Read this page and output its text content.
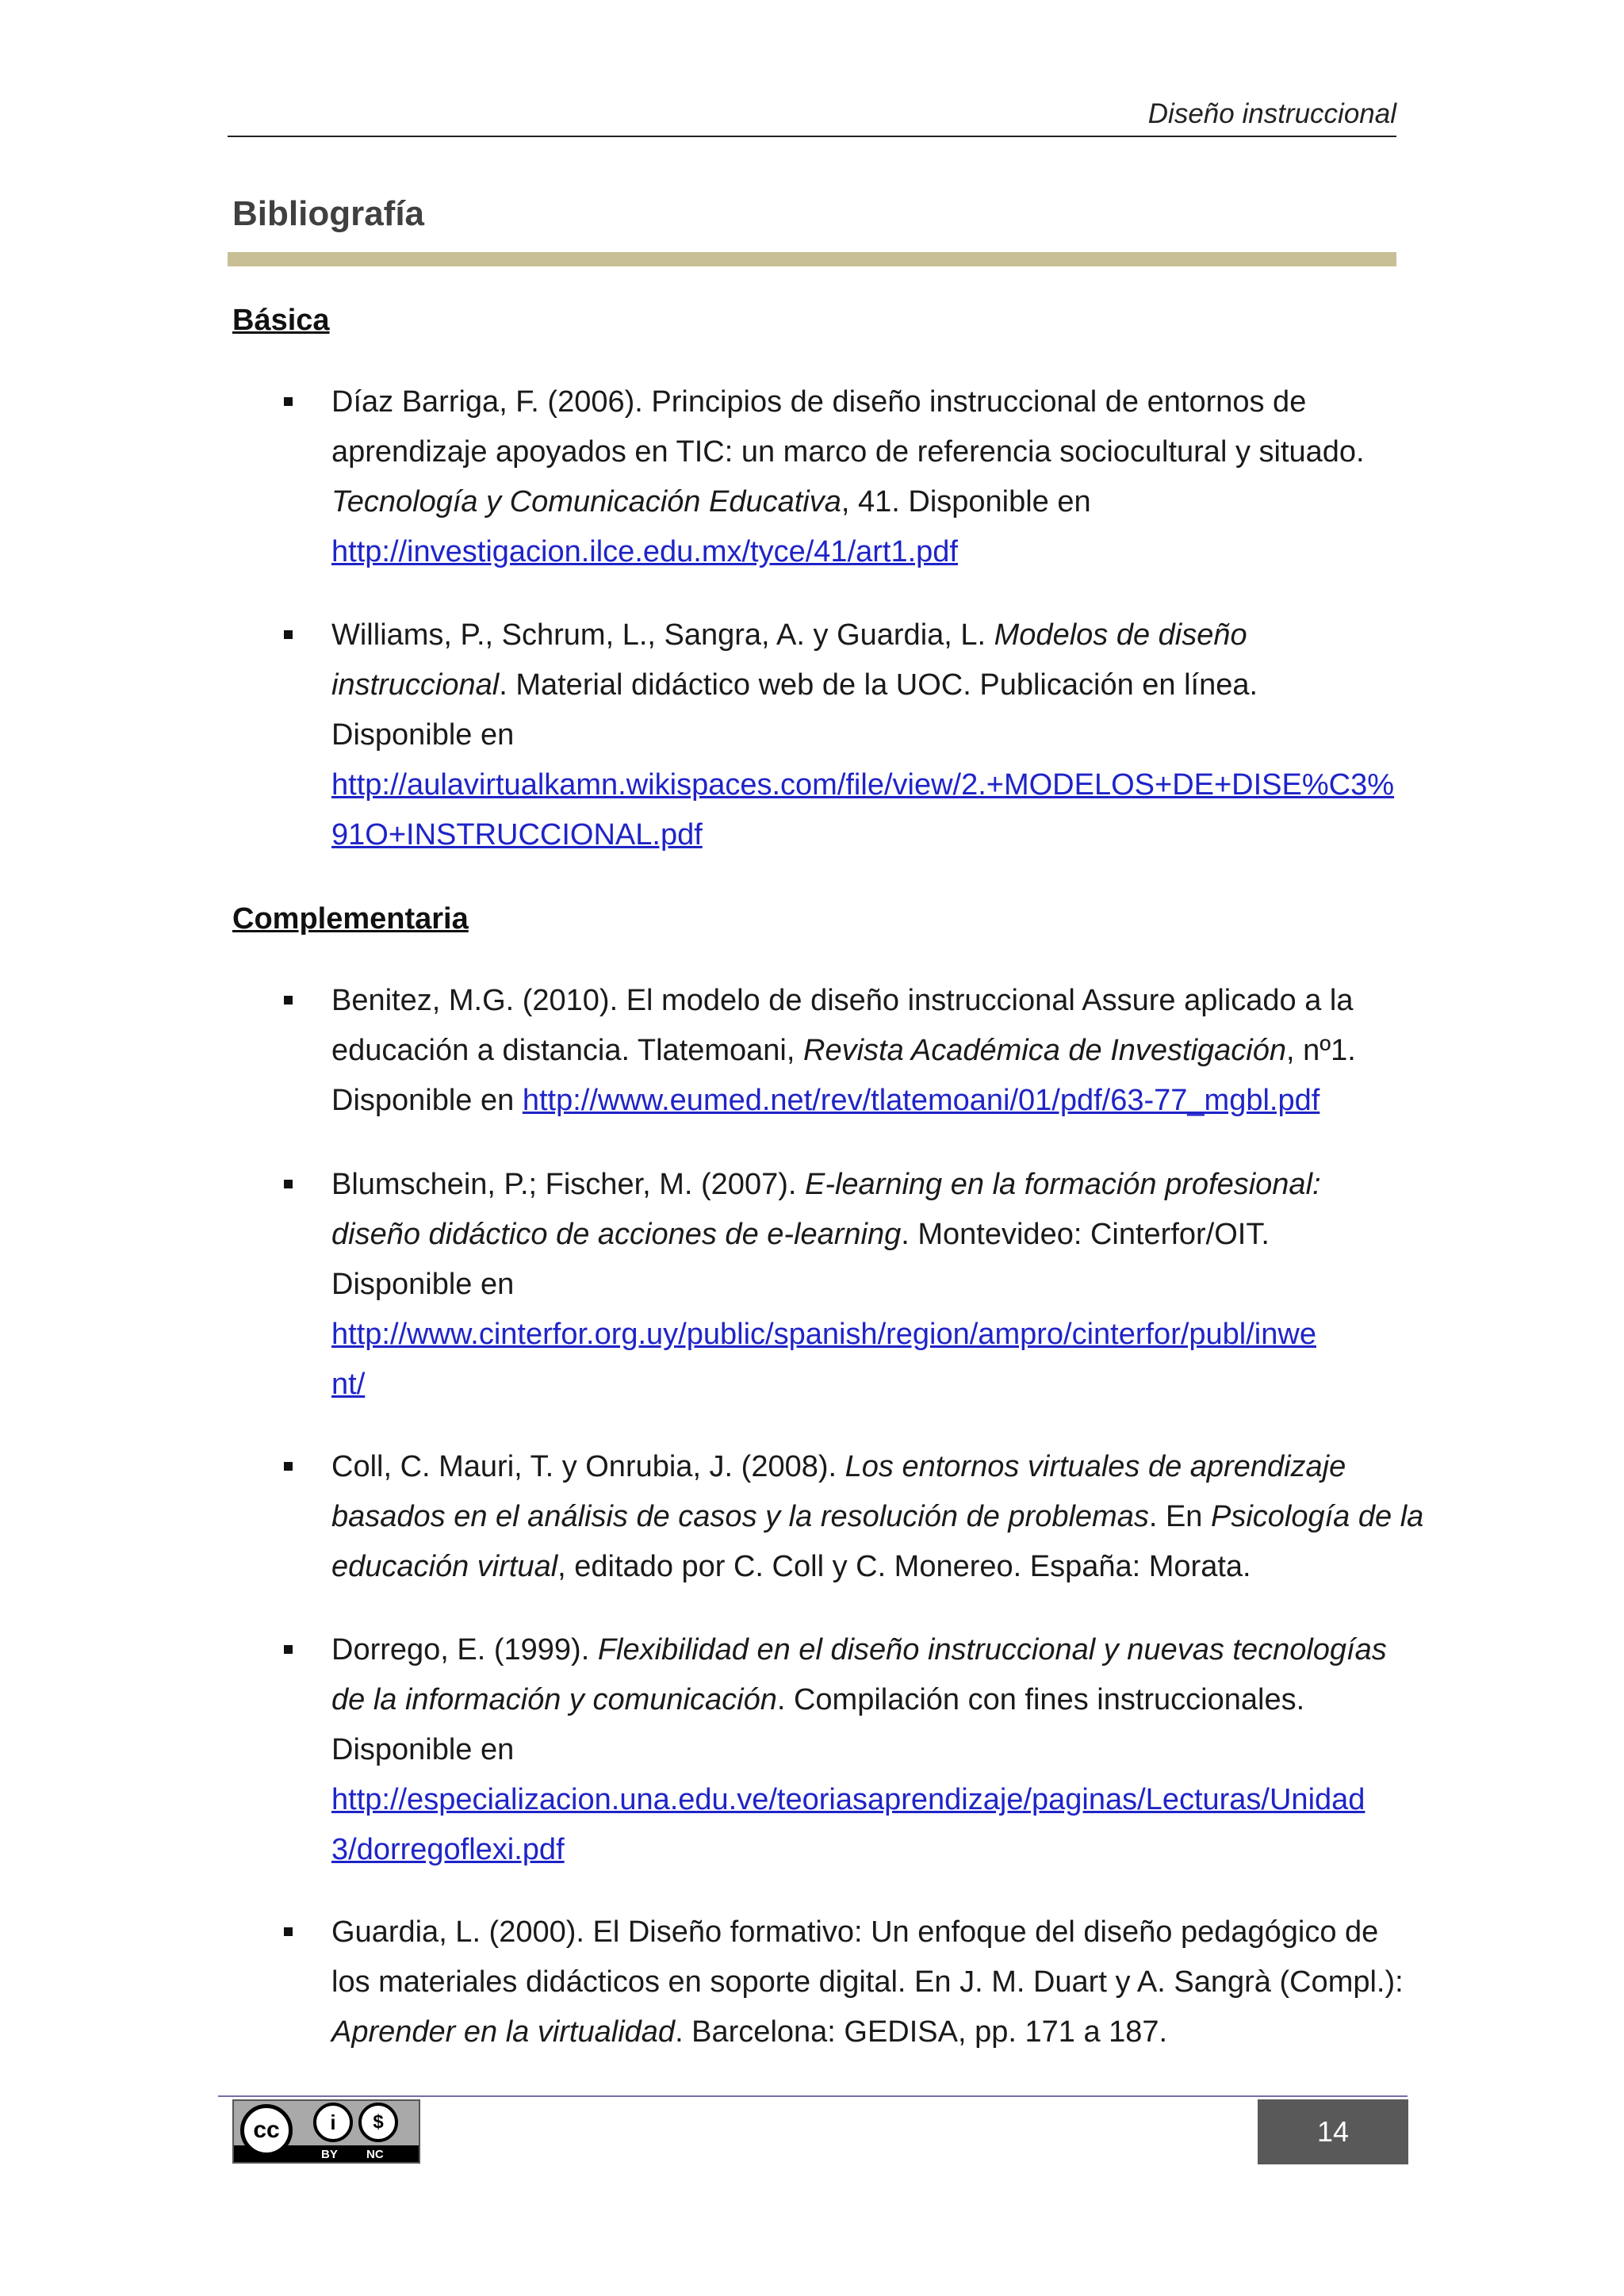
Diseño instruccional
Bibliografía
Básica
Díaz Barriga, F. (2006). Principios de diseño instruccional de entornos de
aprendizaje apoyados en TIC: un marco de referencia sociocultural y situado.
Tecnología y Comunicación Educativa, 41. Disponible en
http://investigacion.ilce.edu.mx/tyce/41/art1.pdf
Williams, P., Schrum, L., Sangra, A. y Guardia, L. Modelos de diseño
instruccional. Material didáctico web de la UOC. Publicación en línea.
Disponible en
http://aulavirtualkamn.wikispaces.com/file/view/2.+MODELOS+DE+DISE%C3%
91O+INSTRUCCIONAL.pdf
Complementaria
Benitez, M.G. (2010). El modelo de diseño instruccional Assure aplicado a la
educación a distancia. Tlatemoani, Revista Académica de Investigación, nº1.
Disponible en http://www.eumed.net/rev/tlatemoani/01/pdf/63-77_mgbl.pdf
Blumschein, P.; Fischer, M. (2007). E-learning en la formación profesional:
diseño didáctico de acciones de e-learning. Montevideo: Cinterfor/OIT.
Disponible en
http://www.cinterfor.org.uy/public/spanish/region/ampro/cinterfor/publ/inwe
nt/
Coll, C. Mauri, T. y Onrubia, J. (2008). Los entornos virtuales de aprendizaje
basados en el análisis de casos y la resolución de problemas. En Psicología de la
educación virtual, editado por C. Coll y C. Monereo. España: Morata.
Dorrego, E. (1999). Flexibilidad en el diseño instruccional y nuevas tecnologías
de la información y comunicación. Compilación con fines instruccionales.
Disponible en
http://especializacion.una.edu.ve/teoriasaprendizaje/paginas/Lecturas/Unidad
3/dorregoflexi.pdf
Guardia, L. (2000). El Diseño formativo: Un enfoque del diseño pedagógico de
los materiales didácticos en soporte digital. En J. M. Duart y A. Sangrà (Compl.):
Aprender en la virtualidad. Barcelona: GEDISA, pp. 171 a 187.
cc	i	$
BY NC
14
